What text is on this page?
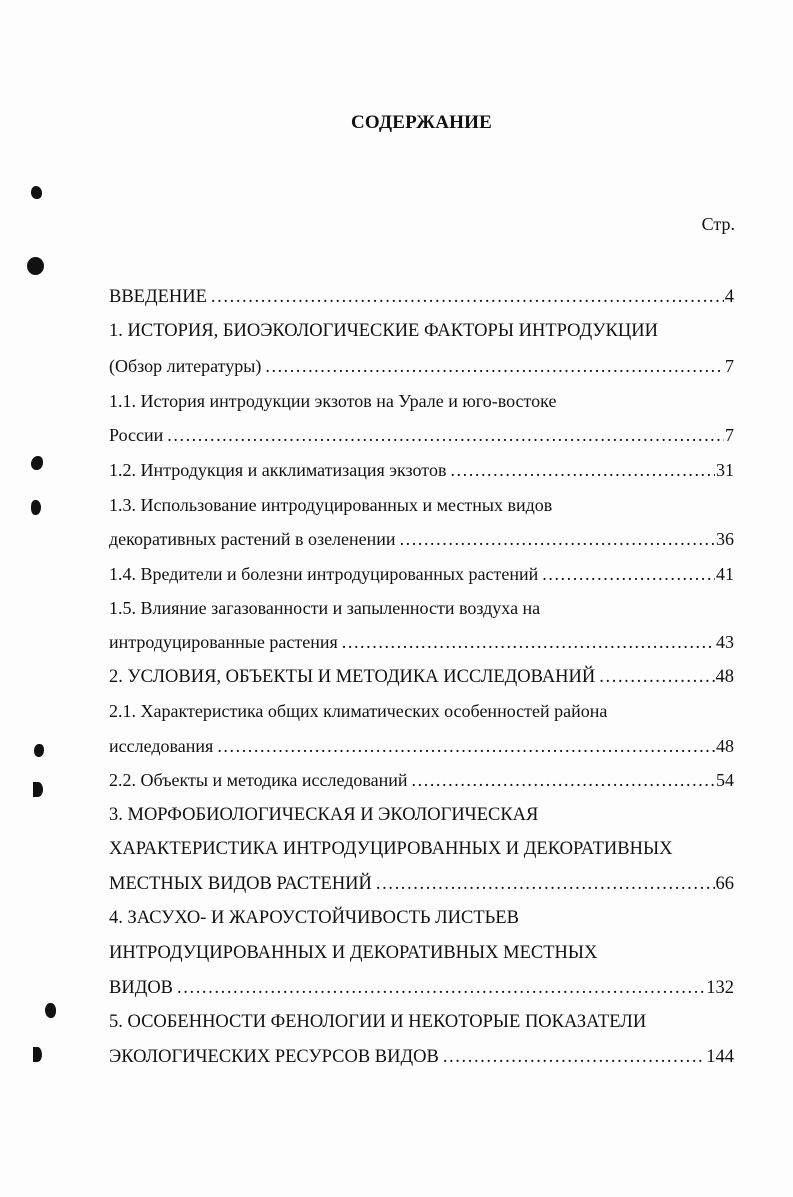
СОДЕРЖАНИЕ
Стр.
ВВЕДЕНИЕ .....	4
1. ИСТОРИЯ, БИОЭКОЛОГИЧЕСКИЕ ФАКТОРЫ ИНТРОДУКЦИИ
(Обзор литературы) .....	7
1.1. История интродукции экзотов на Урале и юго-востоке
России .....	7
1.2. Интродукция и акклиматизация экзотов .....	31
1.3. Использование интродуцированных и местных видов
декоративных растений в озеленении .....	36
1.4. Вредители и болезни интродуцированных растений .....	41
1.5. Влияние загазованности и запыленности воздуха на
интродуцированные растения .....	43
2. УСЛОВИЯ, ОБЪЕКТЫ И МЕТОДИКА ИССЛЕДОВАНИЙ .....	48
2.1. Характеристика общих климатических особенностей района
исследования .....	48
2.2. Объекты и методика исследований .....	54
3. МОРФОБИОЛОГИЧЕСКАЯ И ЭКОЛОГИЧЕСКАЯ
ХАРАКТЕРИСТИКА ИНТРОДУЦИРОВАННЫХ И ДЕКОРАТИВНЫХ
МЕСТНЫХ ВИДОВ РАСТЕНИЙ .....	66
4. ЗАСУХО- И ЖАРОУСТОЙЧИВОСТЬ ЛИСТЬЕВ
ИНТРОДУЦИРОВАННЫХ И ДЕКОРАТИВНЫХ МЕСТНЫХ
ВИДОВ .....	132
5. ОСОБЕННОСТИ ФЕНОЛОГИИ И НЕКОТОРЫЕ ПОКАЗАТЕЛИ
ЭКОЛОГИЧЕСКИХ РЕСУРСОВ ВИДОВ .....	144
